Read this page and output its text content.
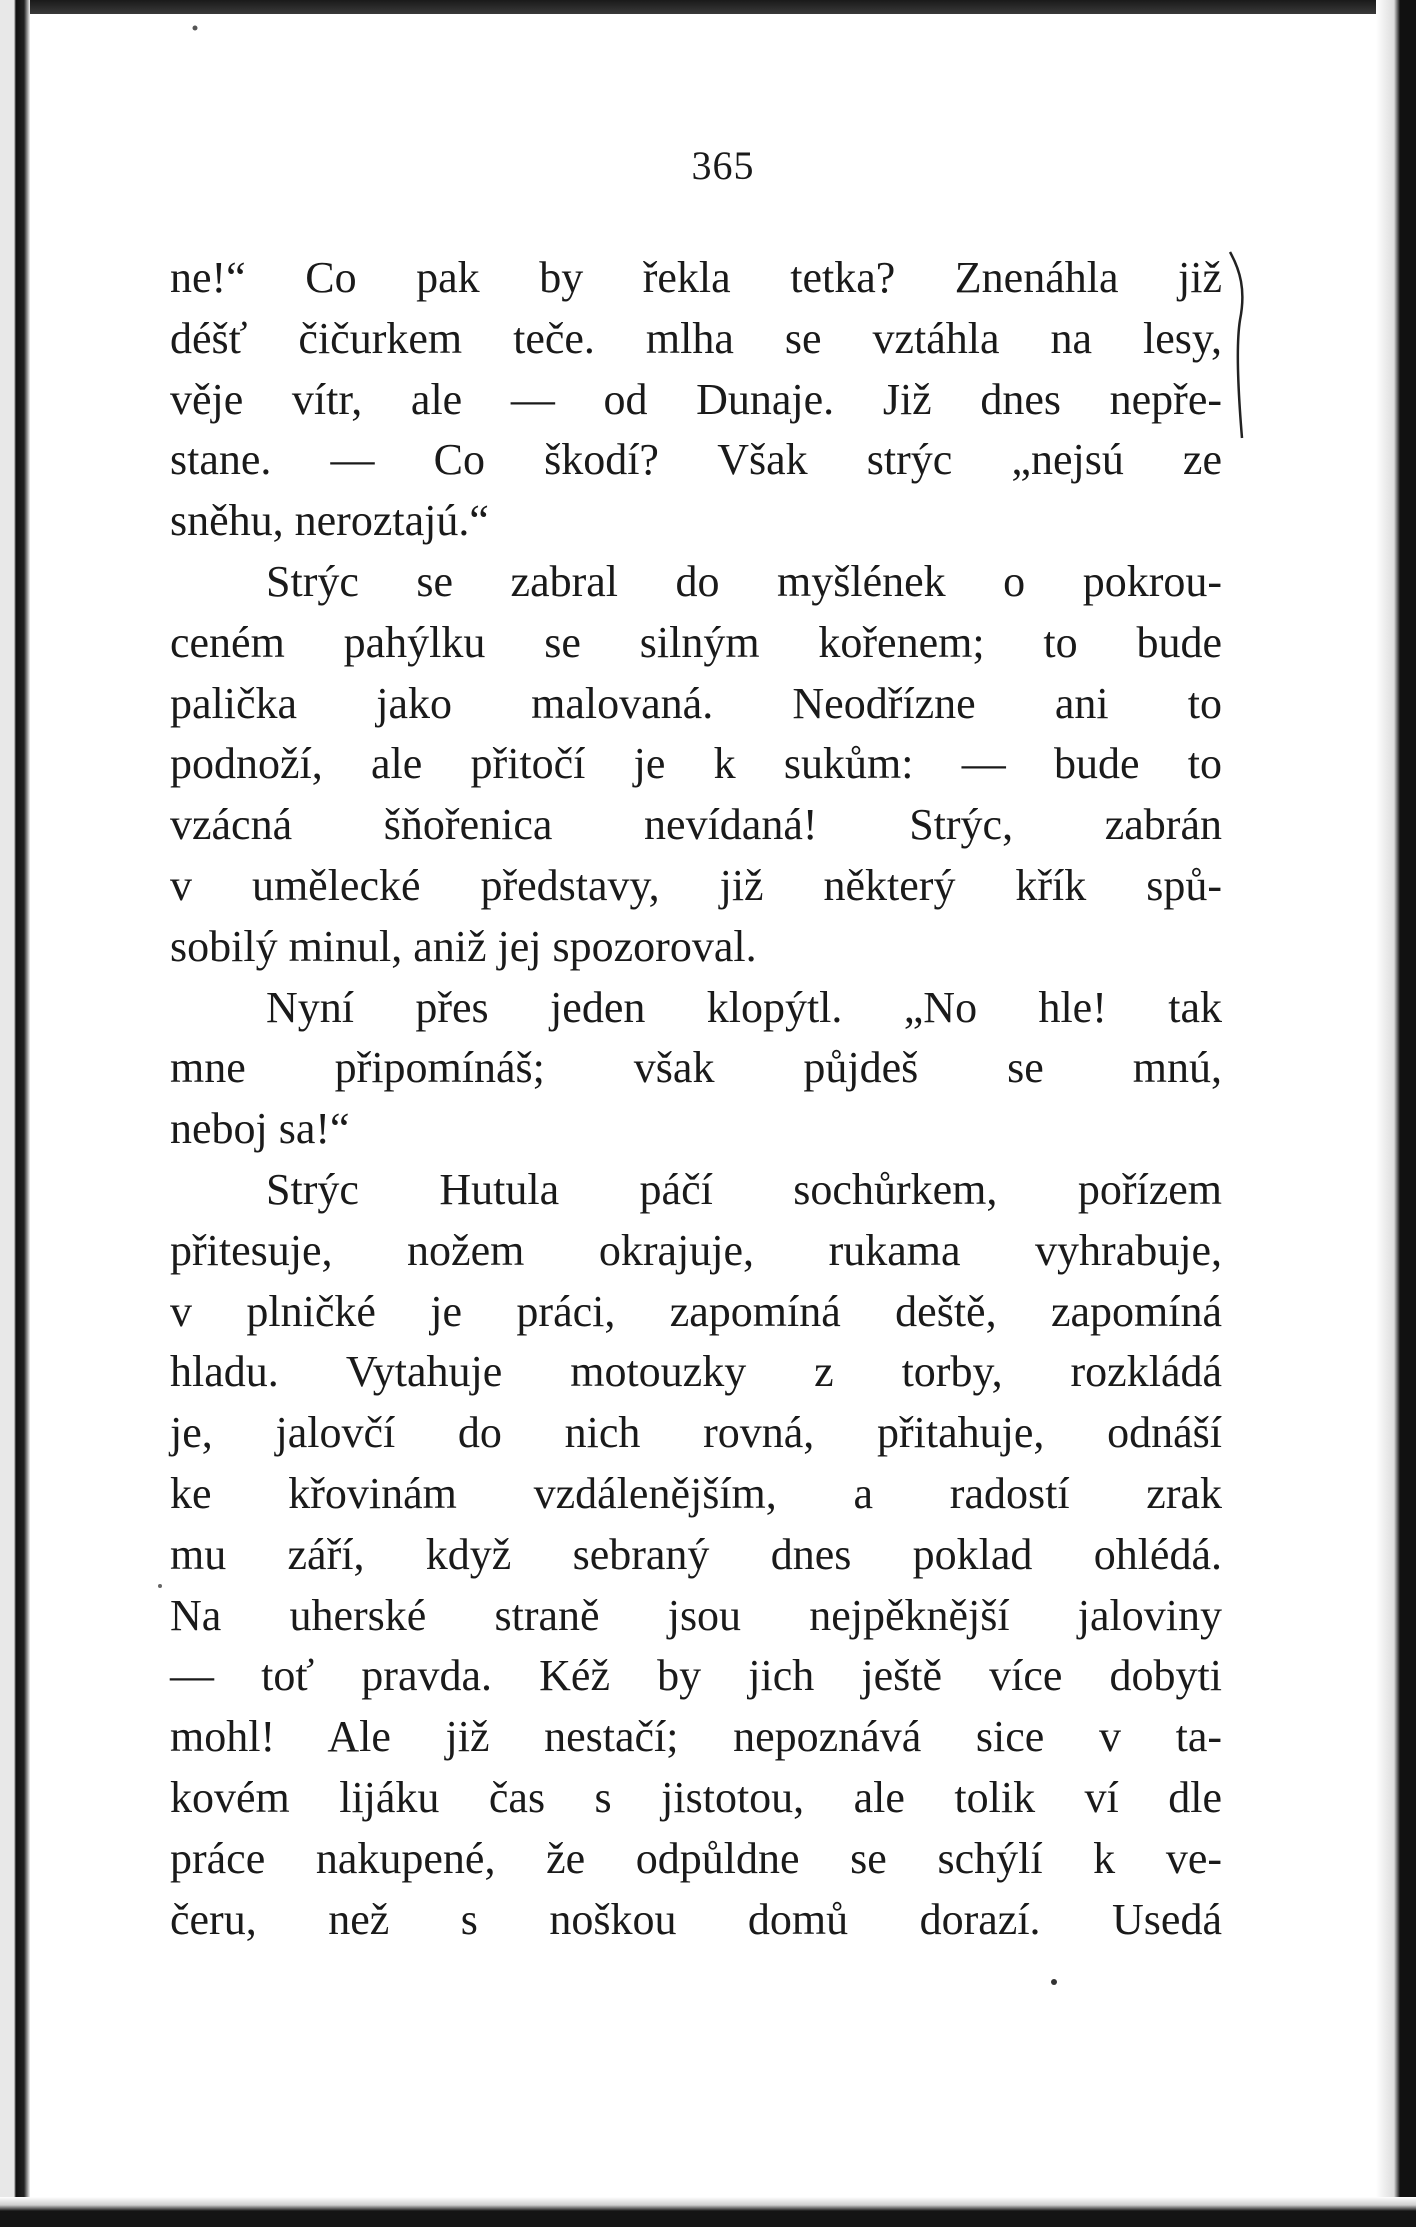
365
ne!“ Co pak by řekla tetka? Znenáhla již
déšť čičurkem teče. mlha se vztáhla na lesy,
věje vítr, ale — od Dunaje. Již dnes nepře-
stane. — Co škodí? Však strýc „nejsú ze
sněhu, neroztajú.“
Strýc se zabral do myšlének o pokrou-
ceném pahýlku se silným kořenem; to bude
palička jako malovaná. Neodřízne ani to
podnoží, ale přitočí je k sukům: — bude to
vzácná šňořenica nevídaná! Strýc, zabrán
v umělecké představy, již některý křík spů-
sobilý minul, aniž jej spozoroval.
Nyní přes jeden klopýtl. „No hle! tak
mne připomínáš; však půjdeš se mnú,
neboj sa!“
Strýc Hutula páčí sochůrkem, pořízem
přitesuje, nožem okrajuje, rukama vyhrabuje,
v plničké je práci, zapomíná deště, zapomíná
hladu. Vytahuje motouzky z torby, rozkládá
je, jalovčí do nich rovná, přitahuje, odnáší
ke křovinám vzdálenějším, a radostí zrak
mu září, když sebraný dnes poklad ohlédá.
Na uherské straně jsou nejpěknější jaloviny
— toť pravda. Kéž by jich ještě více dobyti
mohl! Ale již nestačí; nepoznává sice v ta-
kovém lijáku čas s jistotou, ale tolik ví dle
práce nakupené, že odpůldne se schýlí k ve-
čeru, než s noškou domů dorazí. Usedá
